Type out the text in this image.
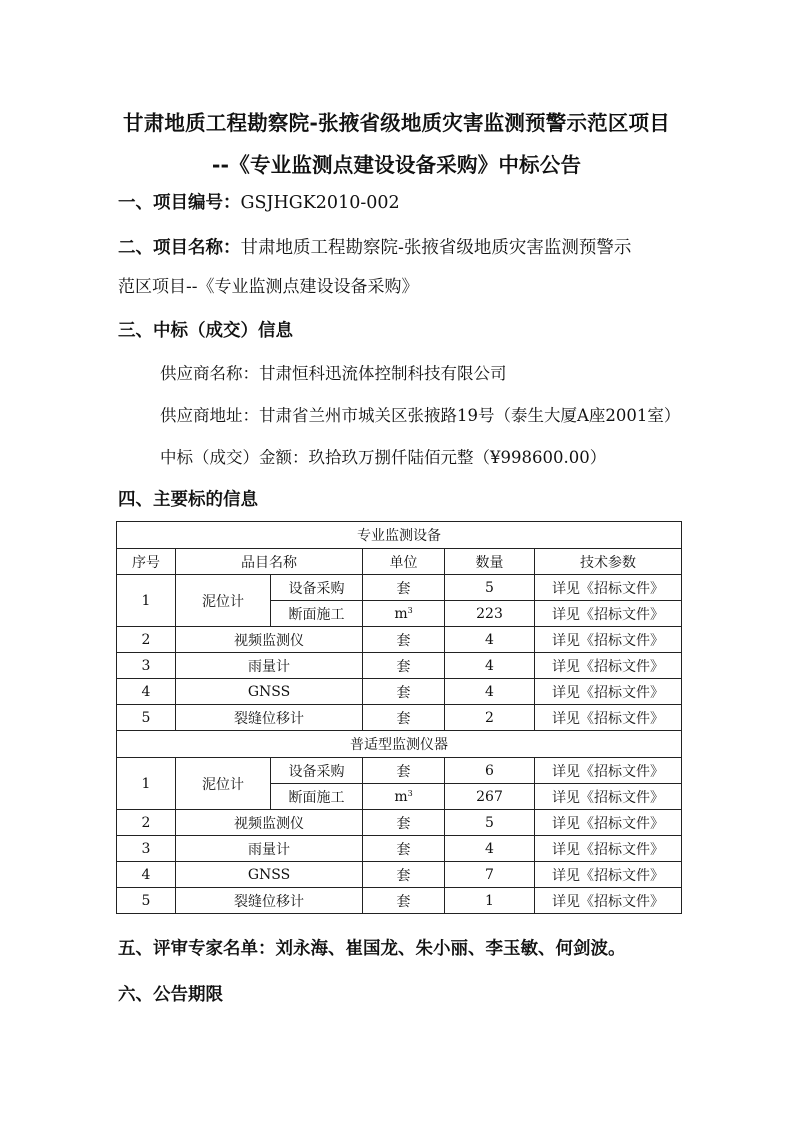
甘肃地质工程勘察院-张掖省级地质灾害监测预警示范区项目
--《专业监测点建设设备采购》中标公告
一、项目编号：GSJHGK2010-002
二、项目名称：甘肃地质工程勘察院-张掖省级地质灾害监测预警示
范区项目--《专业监测点建设设备采购》
三、中标（成交）信息
供应商名称：甘肃恒科迅流体控制科技有限公司
供应商地址：甘肃省兰州市城关区张掖路19号（泰生大厦A座2001室）
中标（成交）金额：玖拾玖万捌仟陆佰元整（¥998600.00）
四、主要标的信息
专业监测设备					
序号	品目名称		单位	数量	技术参数
1	泥位计	设备采购	套	5	详见《招标文件》
		断面施工	$m^3$	223	详见《招标文件》
2	视频监测仪		套	4	详见《招标文件》
3	雨量计		套	4	详见《招标文件》
4	GNSS		套	4	详见《招标文件》
5	裂缝位移计		套	2	详见《招标文件》
普适型监测仪器					
1	泥位计	设备采购	套	6	详见《招标文件》
		断面施工	$m^3$	267	详见《招标文件》
2	视频监测仪		套	5	详见《招标文件》
3	雨量计		套	4	详见《招标文件》
4	GNSS		套	7	详见《招标文件》
5	裂缝位移计		套	1	详见《招标文件》
五、评审专家名单：刘永海、崔国龙、朱小丽、李玉敏、何剑波。
六、公告期限
